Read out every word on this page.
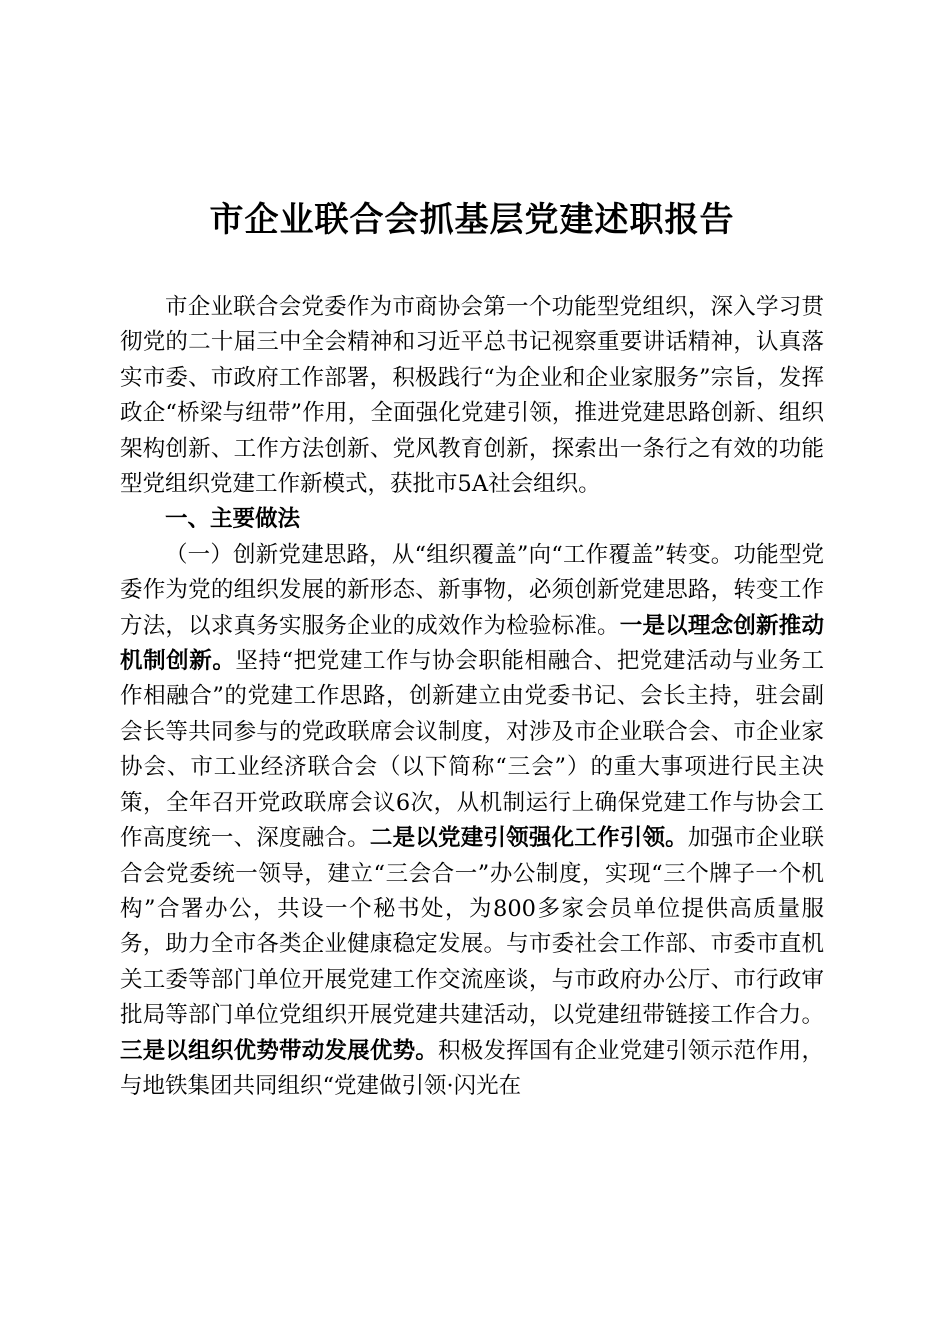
市企业联合会抓基层党建述职报告

市企业联合会党委作为市商协会第一个功能型党组织，深入学习贯彻党的二十届三中全会精神和习近平总书记视察重要讲话精神，认真落实市委、市政府工作部署，积极践行“为企业和企业家服务”宗旨，发挥政企“桥梁与纽带”作用，全面强化党建引领，推进党建思路创新、组织架构创新、工作方法创新、党风教育创新，探索出一条行之有效的功能型党组织党建工作新模式，获批市5A社会组织。

一、主要做法

（一）创新党建思路，从“组织覆盖”向“工作覆盖”转变。功能型党委作为党的组织发展的新形态、新事物，必须创新党建思路，转变工作方法，以求真务实服务企业的成效作为检验标准。一是以理念创新推动机制创新。坚持“把党建工作与协会职能相融合、把党建活动与业务工作相融合”的党建工作思路，创新建立由党委书记、会长主持，驻会副会长等共同参与的党政联席会议制度，对涉及市企业联合会、市企业家协会、市工业经济联合会（以下简称“三会”）的重大事项进行民主决策，全年召开党政联席会议6次，从机制运行上确保党建工作与协会工作高度统一、深度融合。二是以党建引领强化工作引领。加强市企业联合会党委统一领导，建立“三会合一”办公制度，实现“三个牌子一个机构”合署办公，共设一个秘书处，为800多家会员单位提供高质量服务，助力全市各类企业健康稳定发展。与市委社会工作部、市委市直机关工委等部门单位开展党建工作交流座谈，与市政府办公厅、市行政审批局等部门单位党组织开展党建共建活动，以党建纽带链接工作合力。三是以组织优势带动发展优势。积极发挥国有企业党建引领示范作用，与地铁集团共同组织“党建做引领·闪光在
